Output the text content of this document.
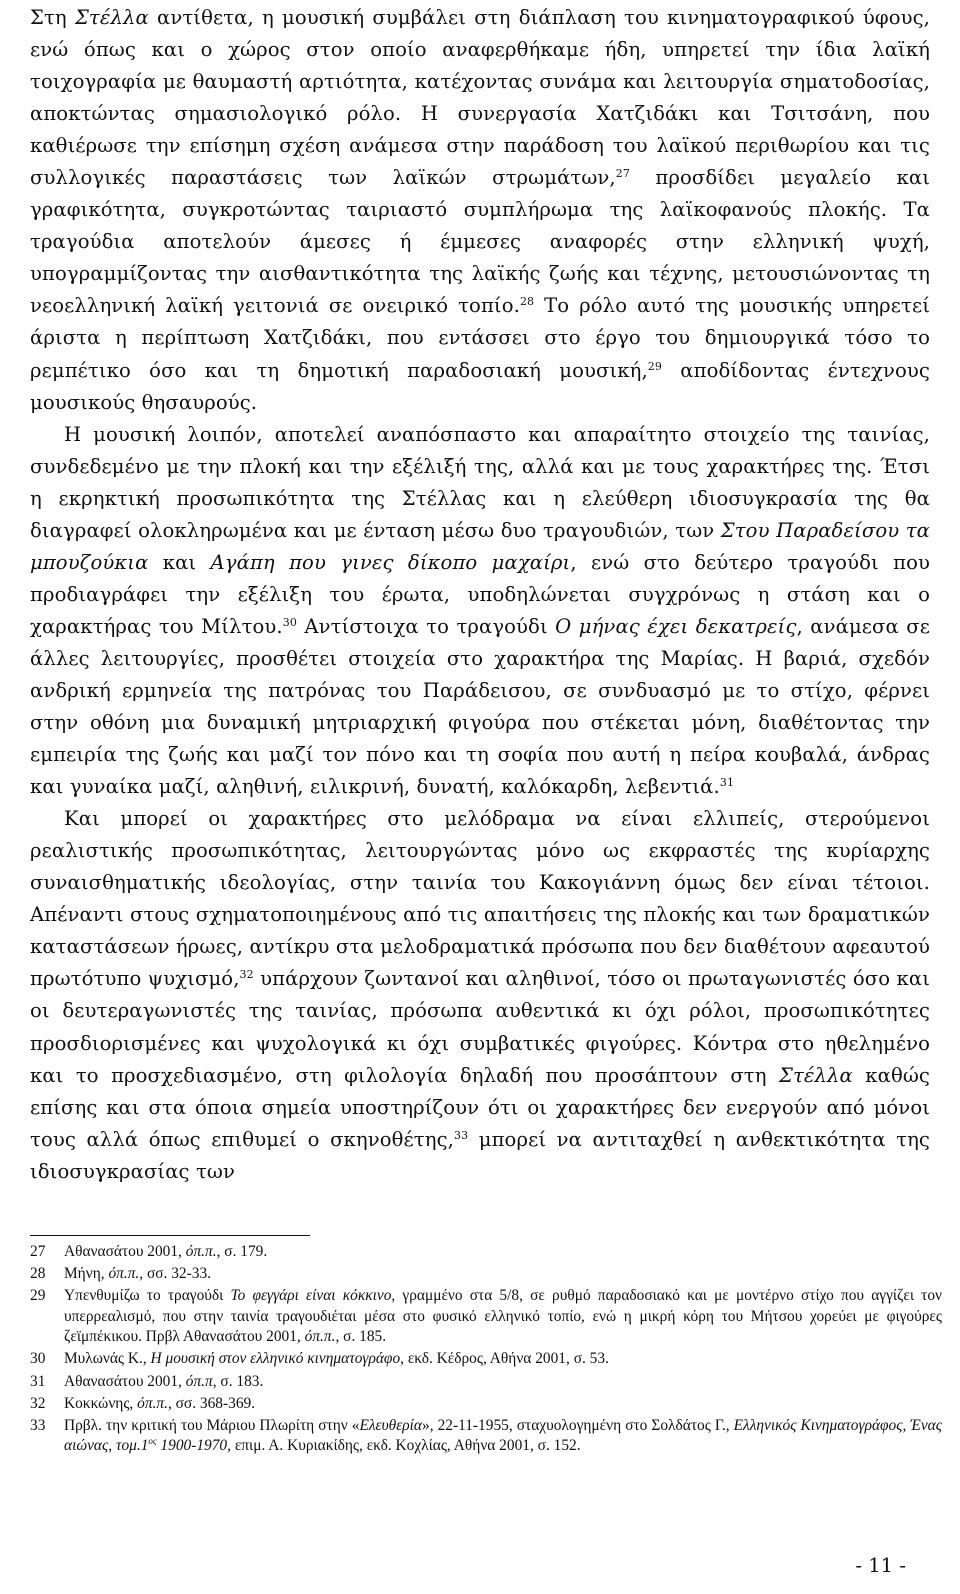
Στη Στέλλα αντίθετα, η μουσική συμβάλει στη διάπλαση του κινηματογραφικού ύφους, ενώ όπως και ο χώρος στον οποίο αναφερθήκαμε ήδη, υπηρετεί την ίδια λαϊκή τοιχογραφία με θαυμαστή αρτιότητα, κατέχοντας συνάμα και λειτουργία σηματοδοσίας, αποκτώντας σημασιολογικό ρόλο. Η συνεργασία Χατζιδάκι και Τσιτσάνη, που καθιέρωσε την επίσημη σχέση ανάμεσα στην παράδοση του λαϊκού περιθωρίου και τις συλλογικές παραστάσεις των λαϊκών στρωμάτων,$^{27}$ προσδίδει μεγαλείο και γραφικότητα, συγκροτώντας ταιριαστό συμπλήρωμα της λαϊκοφανούς πλοκής. Τα τραγούδια αποτελούν άμεσες ή έμμεσες αναφορές στην ελληνική ψυχή, υπογραμμίζοντας την αισθαντικότητα της λαϊκής ζωής και τέχνης, μετουσιώνοντας τη νεοελληνική λαϊκή γειτονιά σε ονειρικό τοπίο.$^{28}$ Το ρόλο αυτό της μουσικής υπηρετεί άριστα η περίπτωση Χατζιδάκι, που εντάσσει στο έργο του δημιουργικά τόσο το ρεμπέτικο όσο και τη δημοτική παραδοσιακή μουσική,$^{29}$ αποδίδοντας έντεχνους μουσικούς θησαυρούς.

Η μουσική λοιπόν, αποτελεί αναπόσπαστο και απαραίτητο στοιχείο της ταινίας, συνδεδεμένο με την πλοκή και την εξέλιξή της, αλλά και με τους χαρακτήρες της. Έτσι η εκρηκτική προσωπικότητα της Στέλλας και η ελεύθερη ιδιοσυγκρασία της θα διαγραφεί ολοκληρωμένα και με ένταση μέσω δυο τραγουδιών, των Στου Παραδείσου τα μπουζούκια και Αγάπη που γινες δίκοπο μαχαίρι, ενώ στο δεύτερο τραγούδι που προδιαγράφει την εξέλιξη του έρωτα, υποδηλώνεται συγχρόνως η στάση και ο χαρακτήρας του Μίλτου.$^{30}$ Αντίστοιχα το τραγούδι Ο μήνας έχει δεκατρείς, ανάμεσα σε άλλες λειτουργίες, προσθέτει στοιχεία στο χαρακτήρα της Μαρίας. Η βαριά, σχεδόν ανδρική ερμηνεία της πατρόνας του Παράδεισου, σε συνδυασμό με το στίχο, φέρνει στην οθόνη μια δυναμική μητριαρχική φιγούρα που στέκεται μόνη, διαθέτοντας την εμπειρία της ζωής και μαζί τον πόνο και τη σοφία που αυτή η πείρα κουβαλά, άνδρας και γυναίκα μαζί, αληθινή, ειλικρινή, δυνατή, καλόκαρδη, λεβεντιά.$^{31}$

Και μπορεί οι χαρακτήρες στο μελόδραμα να είναι ελλιπείς, στερούμενοι ρεαλιστικής προσωπικότητας, λειτουργώντας μόνο ως εκφραστές της κυρίαρχης συναισθηματικής ιδεολογίας, στην ταινία του Κακογιάννη όμως δεν είναι τέτοιοι. Απέναντι στους σχηματοποιημένους από τις απαιτήσεις της πλοκής και των δραματικών καταστάσεων ήρωες, αντίκρυ στα μελοδραματικά πρόσωπα που δεν διαθέτουν αφεαυτού πρωτότυπο ψυχισμό,$^{32}$ υπάρχουν ζωντανοί και αληθινοί, τόσο οι πρωταγωνιστές όσο και οι δευτεραγωνιστές της ταινίας, πρόσωπα αυθεντικά κι όχι ρόλοι, προσωπικότητες προσδιορισμένες και ψυχολογικά κι όχι συμβατικές φιγούρες. Κόντρα στο ηθελημένο και το προσχεδιασμένο, στη φιλολογία δηλαδή που προσάπτουν στη Στέλλα καθώς επίσης και στα όποια σημεία υποστηρίζουν ότι οι χαρακτήρες δεν ενεργούν από μόνοι τους αλλά όπως επιθυμεί ο σκηνοθέτης,$^{33}$ μπορεί να αντιταχθεί η ανθεκτικότητα της ιδιοσυγκρασίας των

27	Αθανασάτου 2001, όπ.π., σ. 179.
28	Μήνη, όπ.π., σσ. 32-33.
29	Υπενθυμίζω το τραγούδι Το φεγγάρι είναι κόκκινο, γραμμένο στα 5/8, σε ρυθμό παραδοσιακό και με μοντέρνο στίχο που αγγίζει τον υπερρεαλισμό, που στην ταινία τραγουδιέται μέσα στο φυσικό ελληνικό τοπίο, ενώ η μικρή κόρη του Μήτσου χορεύει με φιγούρες ζεϊμπέκικου. Πρβλ Αθανασάτου 2001, όπ.π., σ. 185.
30	Μυλωνάς Κ., Η μουσική στον ελληνικό κινηματογράφο, εκδ. Κέδρος, Αθήνα 2001, σ. 53.
31	Αθανασάτου 2001, όπ.π, σ. 183.
32	Κοκκώνης, όπ.π., σσ. 368-369.
33	Πρβλ. την κριτική του Μάριου Πλωρίτη στην «Ελευθερία», 22-11-1955, σταχυολογημένη στο Σολδάτος Γ., Ελληνικός Κινηματογράφος, Ένας αιώνας, $\tau o\mu.1^{o\varsigma}$ 1900-1970, επιμ. Α. Κυριακίδης, εκδ. Κοχλίας, Αθήνα 2001, σ. 152.
- 11 -
